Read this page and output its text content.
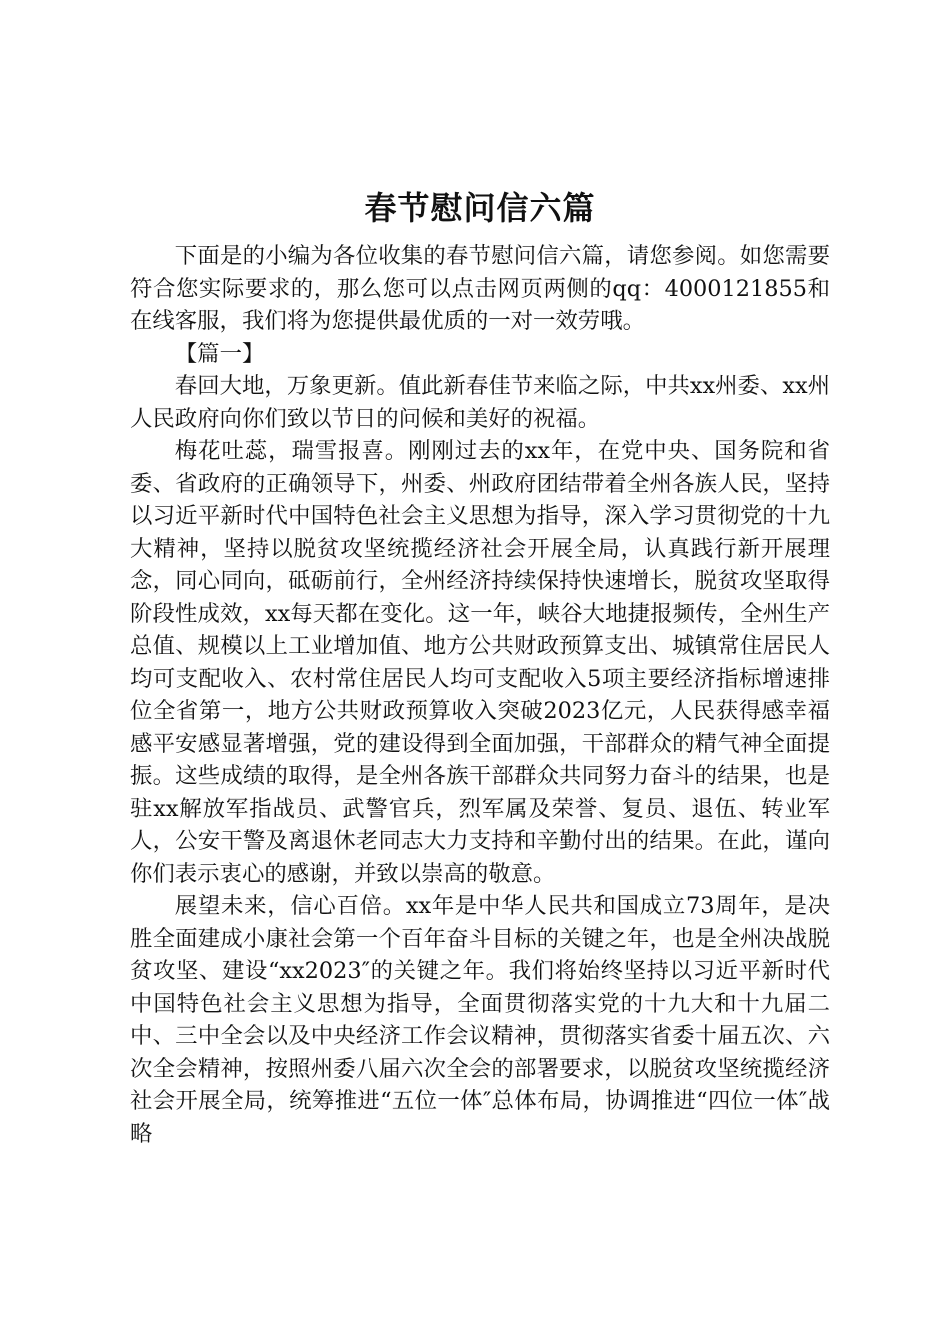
春节慰问信六篇

下面是的小编为各位收集的春节慰问信六篇，请您参阅。如您需要符合您实际要求的，那么您可以点击网页两侧的qq：4000121855和在线客服，我们将为您提供最优质的一对一效劳哦。

【篇一】

春回大地，万象更新。值此新春佳节来临之际，中共xx州委、xx州人民政府向你们致以节日的问候和美好的祝福。

梅花吐蕊，瑞雪报喜。刚刚过去的xx年，在党中央、国务院和省委、省政府的正确领导下，州委、州政府团结带着全州各族人民，坚持以习近平新时代中国特色社会主义思想为指导，深入学习贯彻党的十九大精神，坚持以脱贫攻坚统揽经济社会开展全局，认真践行新开展理念，同心同向，砥砺前行，全州经济持续保持快速增长，脱贫攻坚取得阶段性成效，xx每天都在变化。这一年，峡谷大地捷报频传，全州生产总值、规模以上工业增加值、地方公共财政预算支出、城镇常住居民人均可支配收入、农村常住居民人均可支配收入5项主要经济指标增速排位全省第一，地方公共财政预算收入突破2023亿元，人民获得感幸福感平安感显著增强，党的建设得到全面加强，干部群众的精气神全面提振。这些成绩的取得，是全州各族干部群众共同努力奋斗的结果，也是驻xx解放军指战员、武警官兵，烈军属及荣誉、复员、退伍、转业军人，公安干警及离退休老同志大力支持和辛勤付出的结果。在此，谨向你们表示衷心的感谢，并致以崇高的敬意。

展望未来，信心百倍。xx年是中华人民共和国成立73周年，是决胜全面建成小康社会第一个百年奋斗目标的关键之年，也是全州决战脱贫攻坚、建设“xx2023″的关键之年。我们将始终坚持以习近平新时代中国特色社会主义思想为指导，全面贯彻落实党的十九大和十九届二中、三中全会以及中央经济工作会议精神，贯彻落实省委十届五次、六次全会精神，按照州委八届六次全会的部署要求，以脱贫攻坚统揽经济社会开展全局，统筹推进“五位一体″总体布局，协调推进“四位一体″战略
